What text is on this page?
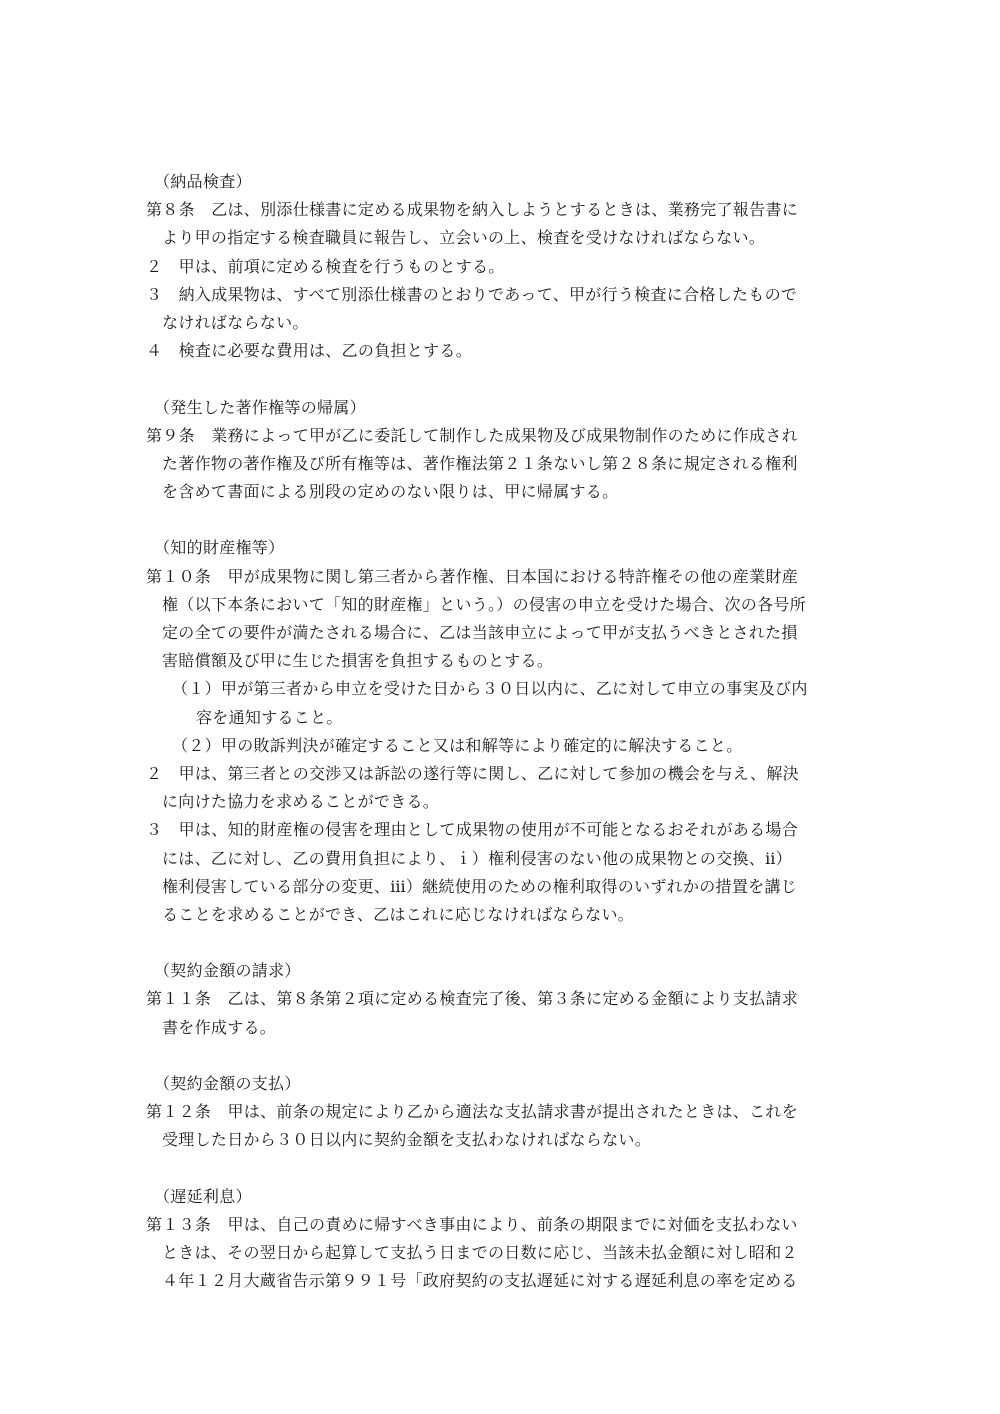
（納品検査）
第８条　乙は、別添仕様書に定める成果物を納入しようとするときは、業務完了報告書に
より甲の指定する検査職員に報告し、立会いの上、検査を受けなければならない。
２　甲は、前項に定める検査を行うものとする。
３　納入成果物は、すべて別添仕様書のとおりであって、甲が行う検査に合格したもので
なければならない。
４　検査に必要な費用は、乙の負担とする。
（発生した著作権等の帰属）
第９条　業務によって甲が乙に委託して制作した成果物及び成果物制作のために作成され
た著作物の著作権及び所有権等は、著作権法第２１条ないし第２８条に規定される権利
を含めて書面による別段の定めのない限りは、甲に帰属する。
（知的財産権等）
第１０条　甲が成果物に関し第三者から著作権、日本国における特許権その他の産業財産
権（以下本条において「知的財産権」という。）の侵害の申立を受けた場合、次の各号所
定の全ての要件が満たされる場合に、乙は当該申立によって甲が支払うべきとされた損
害賠償額及び甲に生じた損害を負担するものとする。
（１）甲が第三者から申立を受けた日から３０日以内に、乙に対して申立の事実及び内
容を通知すること。
（２）甲の敗訴判決が確定すること又は和解等により確定的に解決すること。
２　甲は、第三者との交渉又は訴訟の遂行等に関し、乙に対して参加の機会を与え、解決
に向けた協力を求めることができる。
３　甲は、知的財産権の侵害を理由として成果物の使用が不可能となるおそれがある場合
には、乙に対し、乙の費用負担により、ｉ）権利侵害のない他の成果物との交換、ⅱ）
権利侵害している部分の変更、ⅲ）継続使用のための権利取得のいずれかの措置を講じ
ることを求めることができ、乙はこれに応じなければならない。
（契約金額の請求）
第１１条　乙は、第８条第２項に定める検査完了後、第３条に定める金額により支払請求
書を作成する。
（契約金額の支払）
第１２条　甲は、前条の規定により乙から適法な支払請求書が提出されたときは、これを
受理した日から３０日以内に契約金額を支払わなければならない。
（遅延利息）
第１３条　甲は、自己の責めに帰すべき事由により、前条の期限までに対価を支払わない
ときは、その翌日から起算して支払う日までの日数に応じ、当該未払金額に対し昭和２
４年１２月大蔵省告示第９９１号「政府契約の支払遅延に対する遅延利息の率を定める
